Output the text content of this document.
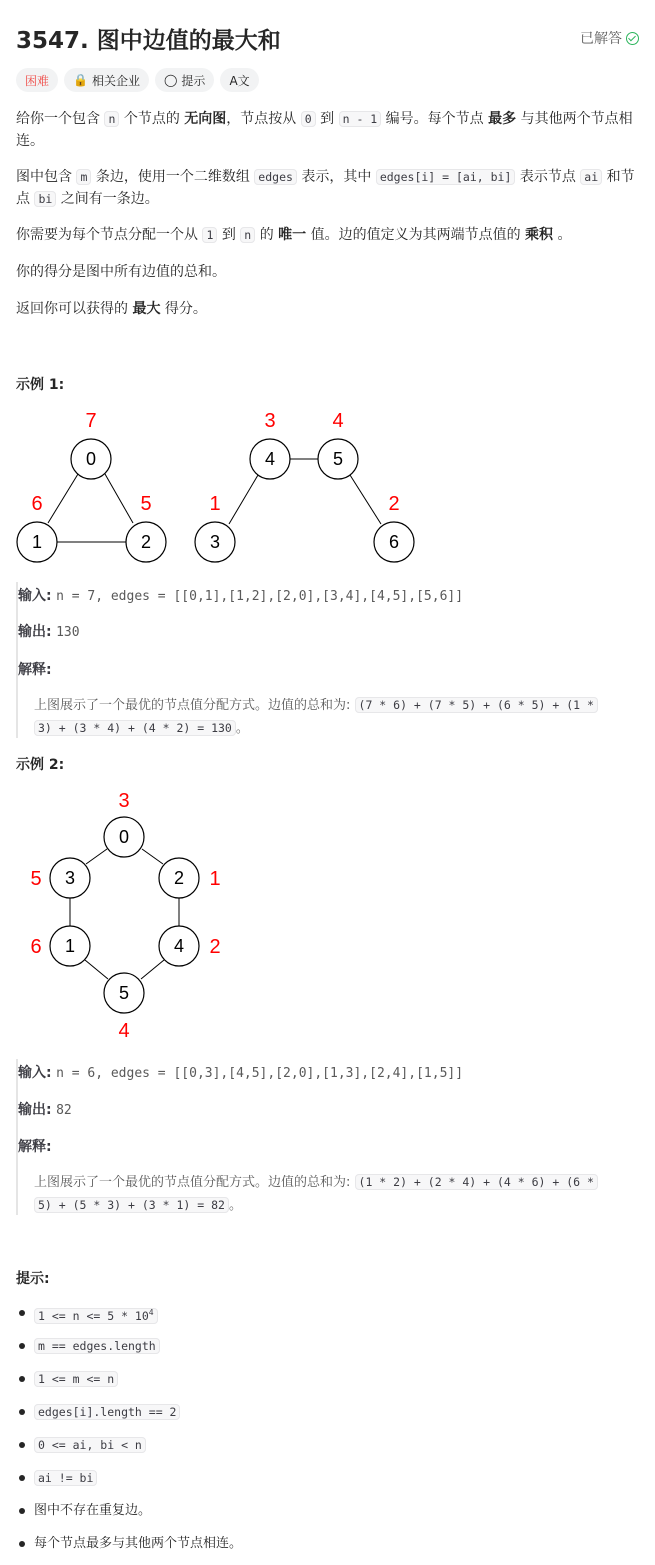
3547. 图中边值的最大和	已解答
困难	🔒 相关企业 ◯ 提示 A文
给你一个包含 n 个节点的 无向图，节点按从 0 到 n - 1 编号。每个节点 最多 与其他两个节点相连。
图中包含 m 条边，使用一个二维数组 edges 表示，其中 edges[i] = [ai, bi] 表示节点 ai 和节点 bi 之间有一条边。
你需要为每个节点分配一个从 1 到 n 的 唯一 值。边的值定义为其两端节点值的 乘积 。
你的得分是图中所有边值的总和。
返回你可以获得的 最大 得分。
示例 1:
0
1	2
4	5
3	6
7
6	5
3	4
1	2
输入: n = 7, edges = [[0,1],[1,2],[2,0],[3,4],[4,5],[5,6]]
输出: 130
解释:
上图展示了一个最优的节点值分配方式。边值的总和为: (7 * 6) + (7 * 5) + (6 * 5) + (1 *
3) + (3 * 4) + (4 * 2) = 130 。
示例 2:
0
3	2
1	4
5
3
5	1
6	2
4
输入: n = 6, edges = [[0,3],[4,5],[2,0],[1,3],[2,4],[1,5]]
输出: 82
解释:
上图展示了一个最优的节点值分配方式。边值的总和为: (1 * 2) + (2 * 4) + (4 * 6) + (6 *
5) + (5 * 3) + (3 * 1) = 82 。
提示:
$1 <= n <= 5 * 10^4$
m == edges.length
1 <= m <= n
edges[i].length == 2
0 <= ai, bi < n
ai != bi
图中不存在重复边。
每个节点最多与其他两个节点相连。
